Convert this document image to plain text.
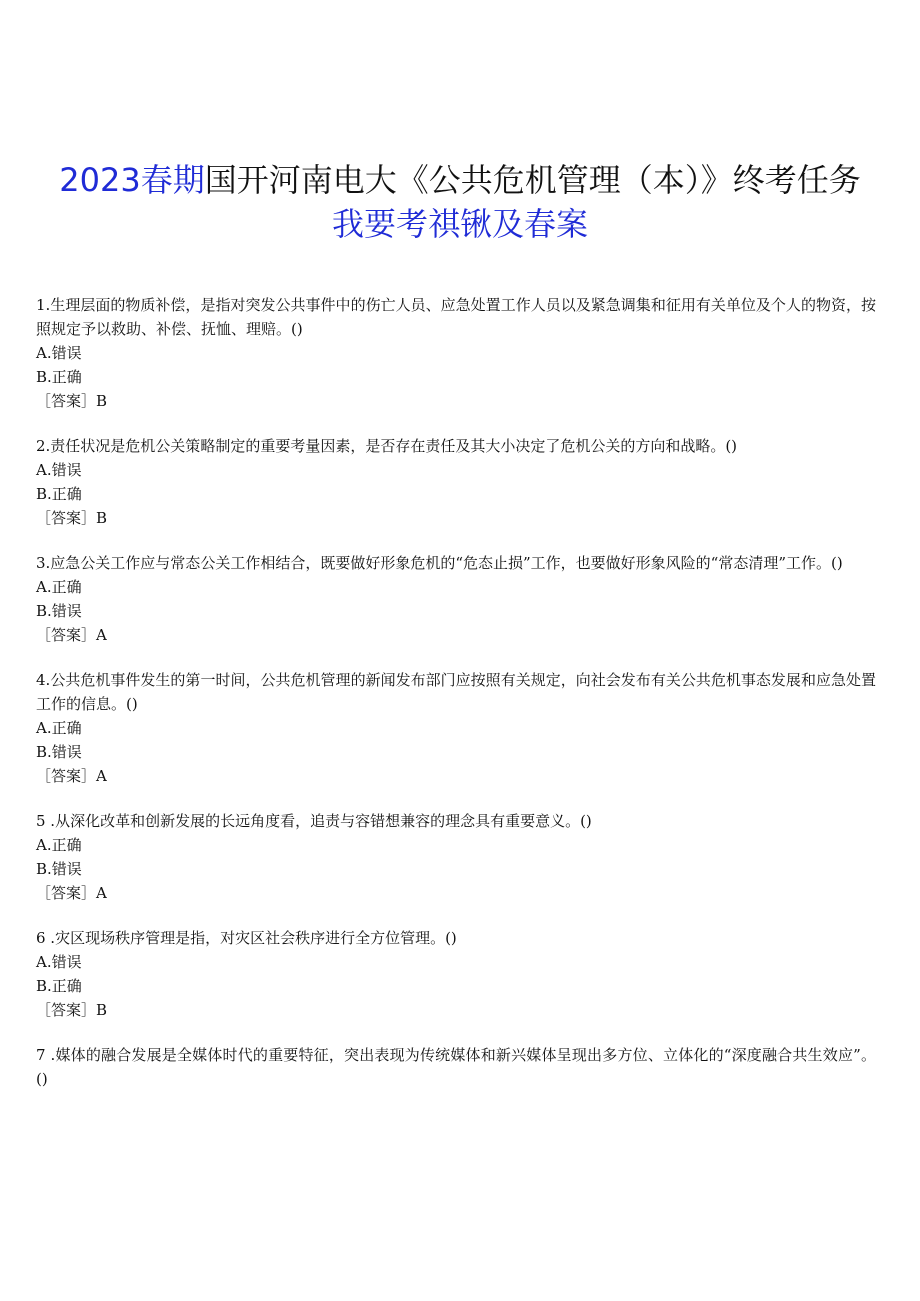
2023春期国开河南电大《公共危机管理（本）》终考任务
我要考祺锹及春案

1.生理层面的物质补偿，是指对突发公共事件中的伤亡人员、应急处置工作人员以及紧急调集和征用有关单位及个人的物资，按照规定予以救助、补偿、抚恤、理赔。()

A.错误

B.正确

［答案］B

2.责任状况是危机公关策略制定的重要考量因素，是否存在责任及其大小决定了危机公关的方向和战略。()

A.错误

B.正确

［答案］B

3.应急公关工作应与常态公关工作相结合，既要做好形象危机的“危态止损”工作，也要做好形象风险的“常态清理”工作。()

A.正确

B.错误

［答案］A

4.公共危机事件发生的第一时间，公共危机管理的新闻发布部门应按照有关规定，向社会发布有关公共危机事态发展和应急处置工作的信息。()

A.正确

B.错误

［答案］A

5 .从深化改革和创新发展的长远角度看，追责与容错想兼容的理念具有重要意义。()

A.正确

B.错误

［答案］A

6 .灾区现场秩序管理是指，对灾区社会秩序进行全方位管理。()

A.错误

B.正确

［答案］B

7 .媒体的融合发展是全媒体时代的重要特征，突出表现为传统媒体和新兴媒体呈现出多方位、立体化的“深度融合共生效应”。()
